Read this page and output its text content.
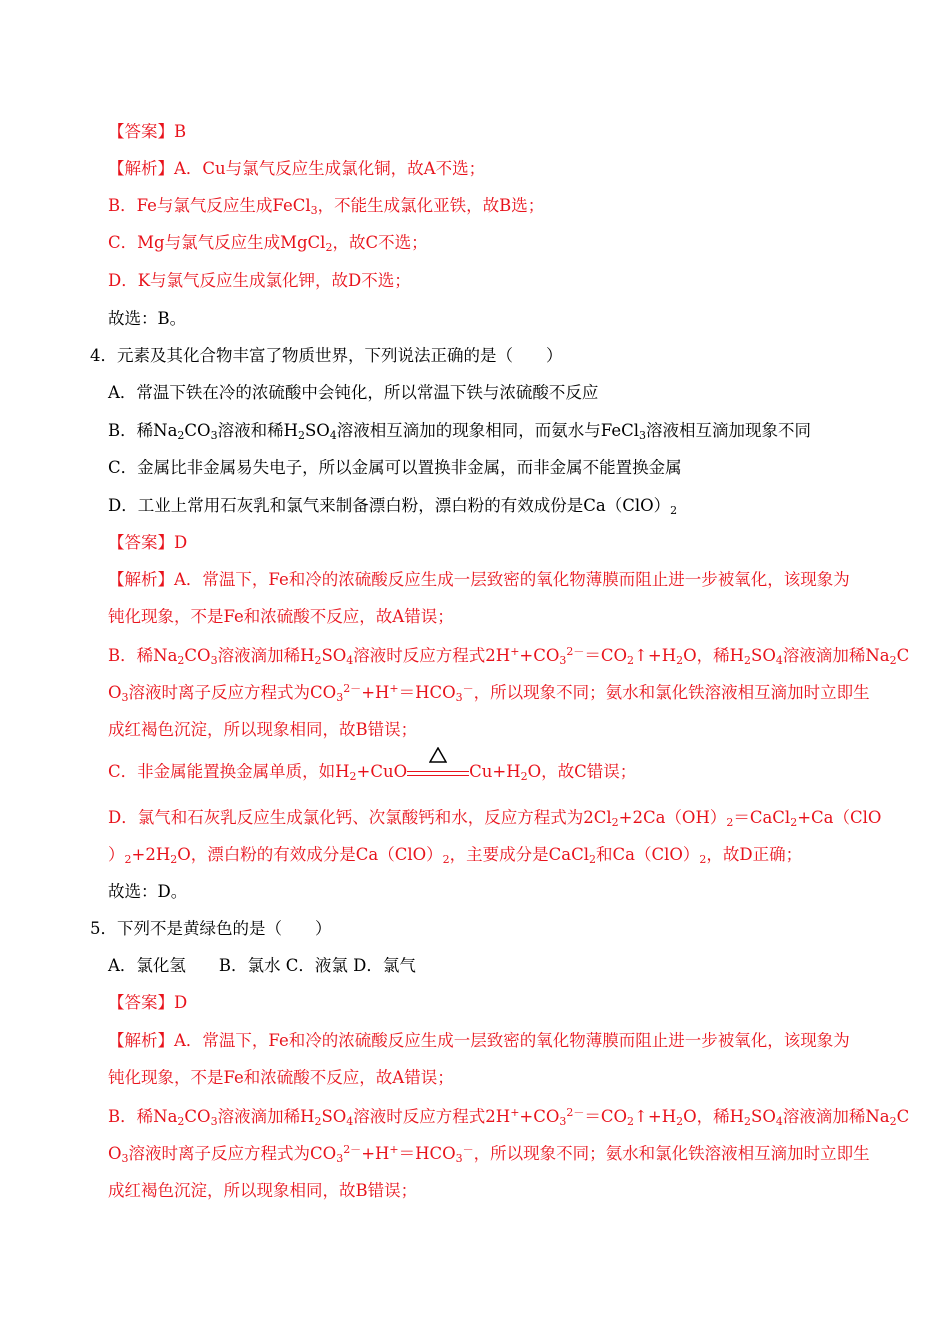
【答案】B
【解析】A．Cu与氯气反应生成氯化铜，故A不选；
B．Fe与氯气反应生成FeCl$_3$，不能生成氯化亚铁，故B选；
C．Mg与氯气反应生成MgCl$_2$，故C不选；
D．K与氯气反应生成氯化钾，故D不选；
故选：B。
4．元素及其化合物丰富了物质世界，下列说法正确的是（　　）
A．常温下铁在冷的浓硫酸中会钝化，所以常温下铁与浓硫酸不反应
B．稀$Na_2CO_3$溶液和稀$H_2SO_4$溶液相互滴加的现象相同，而氨水与FeCl$_3$溶液相互滴加现象不同
C．金属比非金属易失电子，所以金属可以置换非金属，而非金属不能置换金属
D．工业上常用石灰乳和氯气来制备漂白粉，漂白粉的有效成份是$Ca(ClO)_2$
【答案】D
【解析】A．常温下，Fe和冷的浓硫酸反应生成一层致密的氧化物薄膜而阻止进一步被氧化，该现象为
钝化现象，不是Fe和浓硫酸不反应，故A错误；
B．稀$Na_2CO_3$溶液滴加稀$H_2SO_4$溶液时反应方程式$2H^++CO_3^{2-}=CO_2↑+H_2O$，稀$H_2SO_4$溶液滴加稀$Na_2C$
$O_3$溶液时离子反应方程式为$CO_3^{2-}+H^+=HCO_3^-$，所以现象不同；氨水和氯化铁溶液相互滴加时立即生
成红褐色沉淀，所以现象相同，故B错误；
C．非金属能置换金属单质，如$H_2+CuO$	$Cu+H_2O$，故C错误；
D．氯气和石灰乳反应生成氯化钙、次氯酸钙和水，反应方程式为$2Cl_2+2Ca(OH)_2=CaCl_2+Ca(ClO$
）$_2+2H_2O$，漂白粉的有效成分是$Ca(ClO)_2$，主要成分是CaCl$_2$和$Ca(ClO)_2$，故D正确；
故选：D。
5．下列不是黄绿色的是（　　）
A．氯化氢　　B．氯水 C．液氯 D．氯气
【答案】D
【解析】A．常温下，Fe和冷的浓硫酸反应生成一层致密的氧化物薄膜而阻止进一步被氧化，该现象为
钝化现象，不是Fe和浓硫酸不反应，故A错误；
B．稀$Na_2CO_3$溶液滴加稀$H_2SO_4$溶液时反应方程式$2H^++CO_3^{2-}=CO_2↑+H_2O$，稀$H_2SO_4$溶液滴加稀$Na_2C$
$O_3$溶液时离子反应方程式为$CO_3^{2-}+H^+=HCO_3^-$，所以现象不同；氨水和氯化铁溶液相互滴加时立即生
成红褐色沉淀，所以现象相同，故B错误；
